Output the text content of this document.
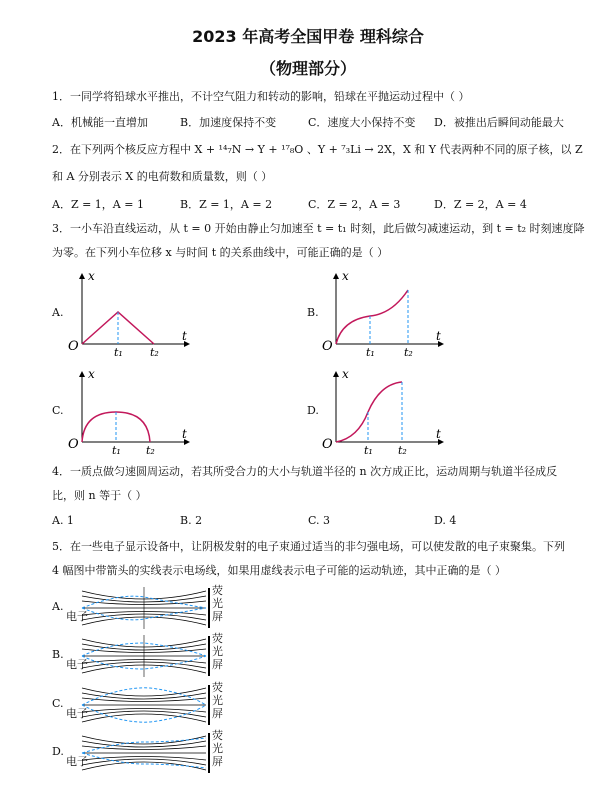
2023 年高考全国甲卷 理科综合
（物理部分）
1．一同学将铅球水平推出，不计空气阻力和转动的影响，铅球在平抛运动过程中（ ）
A．机械能一直增加	B．加速度保持不变	C．速度大小保持不变 D．被推出后瞬间动能最大
2．在下列两个核反应方程中 X + ¹⁴₇N → Y + ¹⁷₈O 、Y + ⁷₃Li → 2X，X 和 Y 代表两种不同的原子核，以 Z
和 A 分别表示 X 的电荷数和质量数，则（ ）
A．Z = 1，A = 1	B．Z = 1，A = 2	C．Z = 2，A = 3	D．Z = 2，A = 4
3．一小车沿直线运动，从 t = 0 开始由静止匀加速至 t = t₁ 时刻，此后做匀减速运动，到 t = t₂ 时刻速度降
为零。在下列小车位移 x 与时间 t 的关系曲线中，可能正确的是（ ）
A.
x
t
O	t₁ t₂
B.
x
t
O	t₁	t₂
C.
x
t
O	t₁ t₂
D.
x
t
O	t₁ t₂
4．一质点做匀速圆周运动，若其所受合力的大小与轨道半径的 n 次方成正比，运动周期与轨道半径成反
比，则 n 等于（ ）
A. 1	B. 2	C. 3	D. 4
5．在一些电子显示设备中，让阴极发射的电子束通过适当的非匀强电场，可以使发散的电子束聚集。下列
4 幅图中带箭头的实线表示电场线，如果用虚线表示电子可能的运动轨迹，其中正确的是（ ）
A.
电子
荧
光
屏
B.
电子
荧
光
屏
C.
电子
荧
光
屏
D.
电子
荧
光
屏
